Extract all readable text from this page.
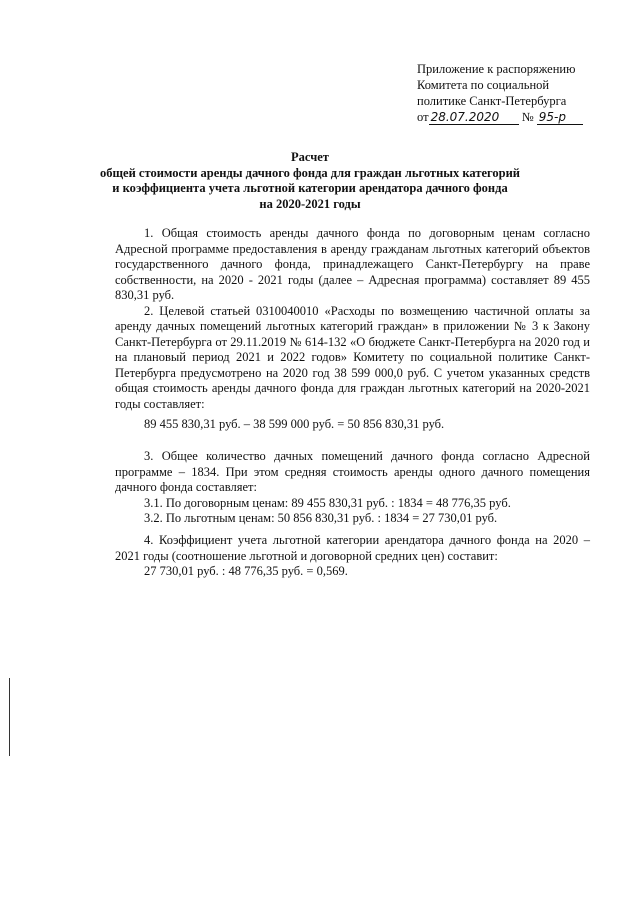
Приложение к распоряжению
Комитета по социальной
политике Санкт-Петербурга
от 28.07.2020 № 95-р
Расчет
общей стоимости аренды дачного фонда для граждан льготных категорий
и коэффициента учета льготной категории арендатора дачного фонда
на 2020-2021 годы

1. Общая стоимость аренды дачного фонда по договорным ценам согласно Адресной программе предоставления в аренду гражданам льготных категорий объектов государственного дачного фонда, принадлежащего Санкт-Петербургу на праве собственности, на 2020 - 2021 годы (далее – Адресная программа) составляет 89 455 830,31 руб.

2. Целевой статьей 0310040010 «Расходы по возмещению частичной оплаты за аренду дачных помещений льготных категорий граждан» в приложении № 3 к Закону Санкт-Петербурга от 29.11.2019 № 614-132 «О бюджете Санкт-Петербурга на 2020 год и на плановый период 2021 и 2022 годов» Комитету по социальной политике Санкт-Петербурга предусмотрено на 2020 год 38 599 000,0 руб. С учетом указанных средств общая стоимость аренды дачного фонда для граждан льготных категорий на 2020-2021 годы составляет:

89 455 830,31 руб. – 38 599 000 руб. = 50 856 830,31 руб.

3. Общее количество дачных помещений дачного фонда согласно Адресной программе – 1834. При этом средняя стоимость аренды одного дачного помещения дачного фонда составляет:

3.1. По договорным ценам: 89 455 830,31 руб. : 1834 = 48 776,35 руб.

3.2. По льготным ценам: 50 856 830,31 руб. : 1834 = 27 730,01 руб.

4. Коэффициент учета льготной категории арендатора дачного фонда на 2020 – 2021 годы (соотношение льготной и договорной средних цен) составит:

27 730,01 руб. : 48 776,35 руб. = 0,569.
